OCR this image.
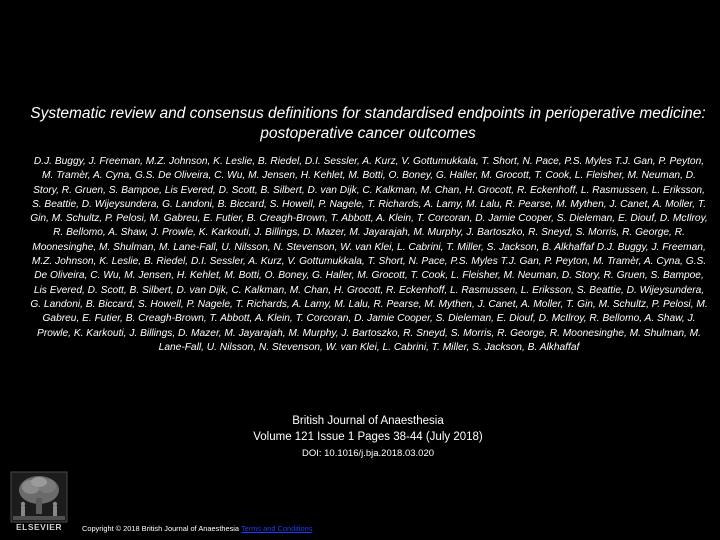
Systematic review and consensus definitions for standardised endpoints in perioperative medicine: postoperative cancer outcomes
D.J. Buggy, J. Freeman, M.Z. Johnson, K. Leslie, B. Riedel, D.I. Sessler, A. Kurz, V. Gottumukkala, T. Short, N. Pace, P.S. Myles T.J. Gan, P. Peyton, M. Tramèr, A. Cyna, G.S. De Oliveira, C. Wu, M. Jensen, H. Kehlet, M. Botti, O. Boney, G. Haller, M. Grocott, T. Cook, L. Fleisher, M. Neuman, D. Story, R. Gruen, S. Bampoe, Lis Evered, D. Scott, B. Silbert, D. van Dijk, C. Kalkman, M. Chan, H. Grocott, R. Eckenhoff, L. Rasmussen, L. Eriksson, S. Beattie, D. Wijeysundera, G. Landoni, B. Biccard, S. Howell, P. Nagele, T. Richards, A. Lamy, M. Lalu, R. Pearse, M. Mythen, J. Canet, A. Moller, T. Gin, M. Schultz, P. Pelosi, M. Gabreu, E. Futier, B. Creagh-Brown, T. Abbott, A. Klein, T. Corcoran, D. Jamie Cooper, S. Dieleman, E. Diouf, D. McIlroy, R. Bellomo, A. Shaw, J. Prowle, K. Karkouti, J. Billings, D. Mazer, M. Jayarajah, M. Murphy, J. Bartoszko, R. Sneyd, S. Morris, R. George, R. Moonesinghe, M. Shulman, M. Lane-Fall, U. Nilsson, N. Stevenson, W. van Klei, L. Cabrini, T. Miller, S. Jackson, B. Alkhaffaf D.J. Buggy, J. Freeman, M.Z. Johnson, K. Leslie, B. Riedel, D.I. Sessler, A. Kurz, V. Gottumukkala, T. Short, N. Pace, P.S. Myles T.J. Gan, P. Peyton, M. Tramèr, A. Cyna, G.S. De Oliveira, C. Wu, M. Jensen, H. Kehlet, M. Botti, O. Boney, G. Haller, M. Grocott, T. Cook, L. Fleisher, M. Neuman, D. Story, R. Gruen, S. Bampoe, Lis Evered, D. Scott, B. Silbert, D. van Dijk, C. Kalkman, M. Chan, H. Grocott, R. Eckenhoff, L. Rasmussen, L. Eriksson, S. Beattie, D. Wijeysundera, G. Landoni, B. Biccard, S. Howell, P. Nagele, T. Richards, A. Lamy, M. Lalu, R. Pearse, M. Mythen, J. Canet, A. Moller, T. Gin, M. Schultz, P. Pelosi, M. Gabreu, E. Futier, B. Creagh-Brown, T. Abbott, A. Klein, T. Corcoran, D. Jamie Cooper, S. Dieleman, E. Diouf, D. McIlroy, R. Bellomo, A. Shaw, J. Prowle, K. Karkouti, J. Billings, D. Mazer, M. Jayarajah, M. Murphy, J. Bartoszko, R. Sneyd, S. Morris, R. George, R. Moonesinghe, M. Shulman, M. Lane-Fall, U. Nilsson, N. Stevenson, W. van Klei, L. Cabrini, T. Miller, S. Jackson, B. Alkhaffaf
British Journal of Anaesthesia
Volume 121 Issue 1 Pages 38-44 (July 2018)
DOI: 10.1016/j.bja.2018.03.020
ELSEVIER	Copyright © 2018 British Journal of Anaesthesia Terms and Conditions
